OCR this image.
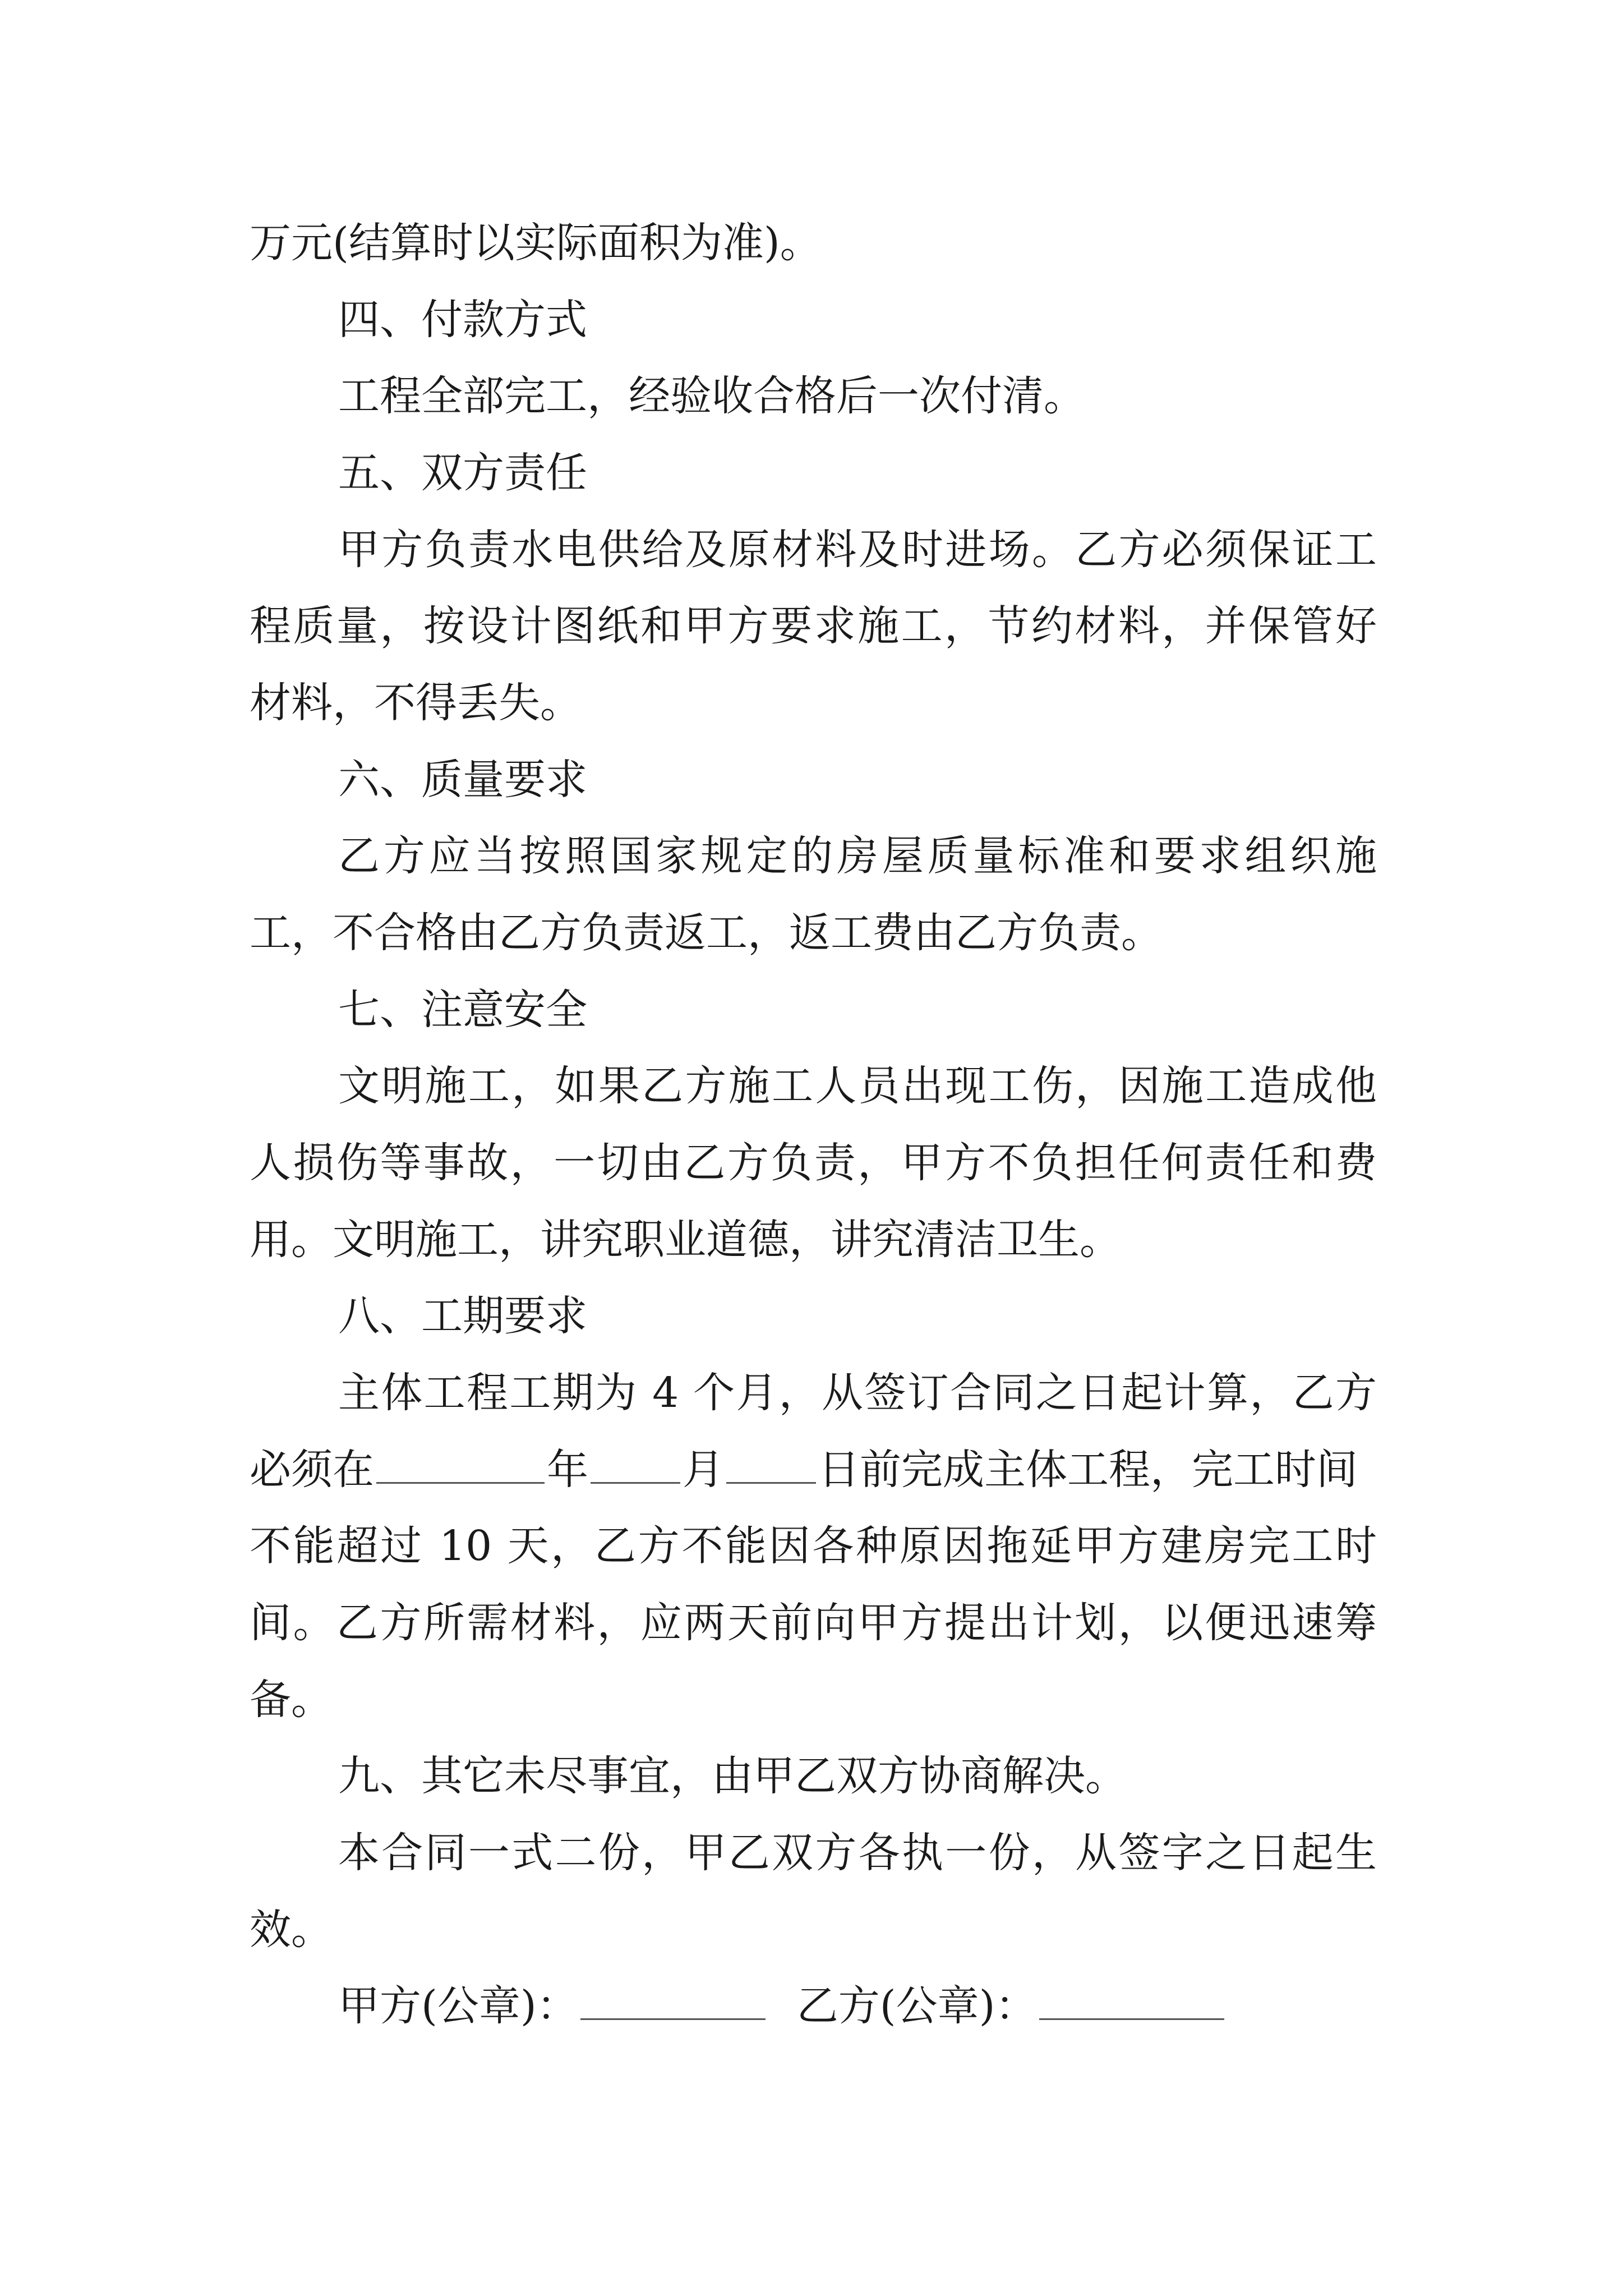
万元(结算时以实际面积为准)。
四、付款方式
工程全部完工，经验收合格后一次付清。
五、双方责任
甲方负责水电供给及原材料及时进场。乙方必须保证工
程质量，按设计图纸和甲方要求施工，节约材料，并保管好
材料，不得丢失。
六、质量要求
乙方应当按照国家规定的房屋质量标准和要求组织施
工，不合格由乙方负责返工，返工费由乙方负责。
七、注意安全
文明施工，如果乙方施工人员出现工伤，因施工造成他
人损伤等事故，一切由乙方负责，甲方不负担任何责任和费
用。文明施工，讲究职业道德，讲究清洁卫生。
八、工期要求
主体工程工期为 4 个月，从签订合同之日起计算，乙方
必须在	年 月 日前完成主体工程，完工时间
不能超过 10 天，乙方不能因各种原因拖延甲方建房完工时
间。乙方所需材料，应两天前向甲方提出计划，以便迅速筹
备。
九、其它未尽事宜，由甲乙双方协商解决。
本合同一式二份，甲乙双方各执一份，从签字之日起生
效。
甲方(公章)：	乙方(公章)：
